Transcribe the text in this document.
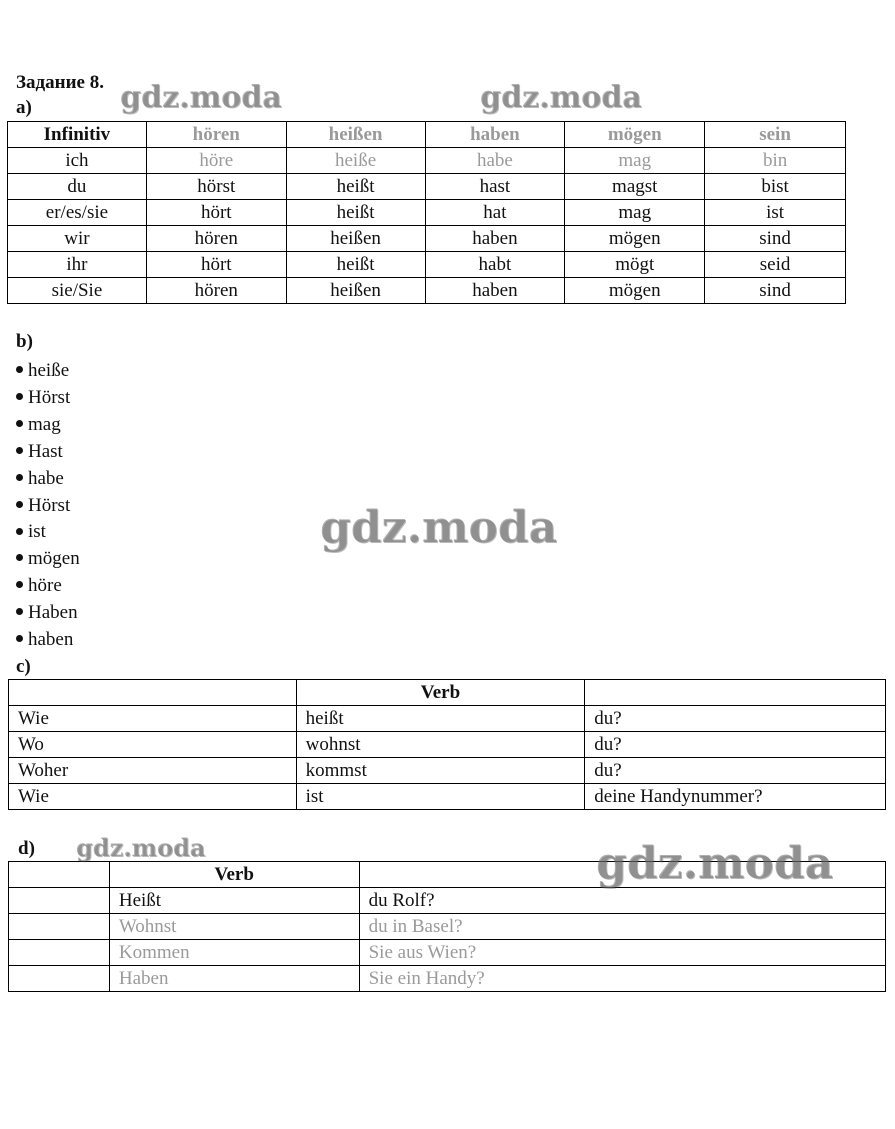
Задание 8.
a)
Infinitiv	hören	heißen	haben	mögen	sein
ich	höre	heiße	habe	mag	bin
du	hörst	heißt	hast	magst	bist
er/es/sie	hört	heißt	hat	mag	ist
wir	hören	heißen	haben	mögen	sind
ihr	hört	heißt	habt	mögt	seid
sie/Sie	hören	heißen	haben	mögen	sind
b)
heiße
Hörst
mag
Hast
habe
Hörst
ist
mögen
höre
Haben
haben
c)
	Verb	
Wie	heißt	du?
Wo	wohnst	du?
Woher	kommst	du?
Wie	ist	deine Handynummer?
d)
	Verb	
	Heißt	du Rolf?
	Wohnst	du in Basel?
	Kommen	Sie aus Wien?
	Haben	Sie ein Handy?
gdz.moda	gdz.moda
gdz.moda
gdz.moda	gdz.moda
